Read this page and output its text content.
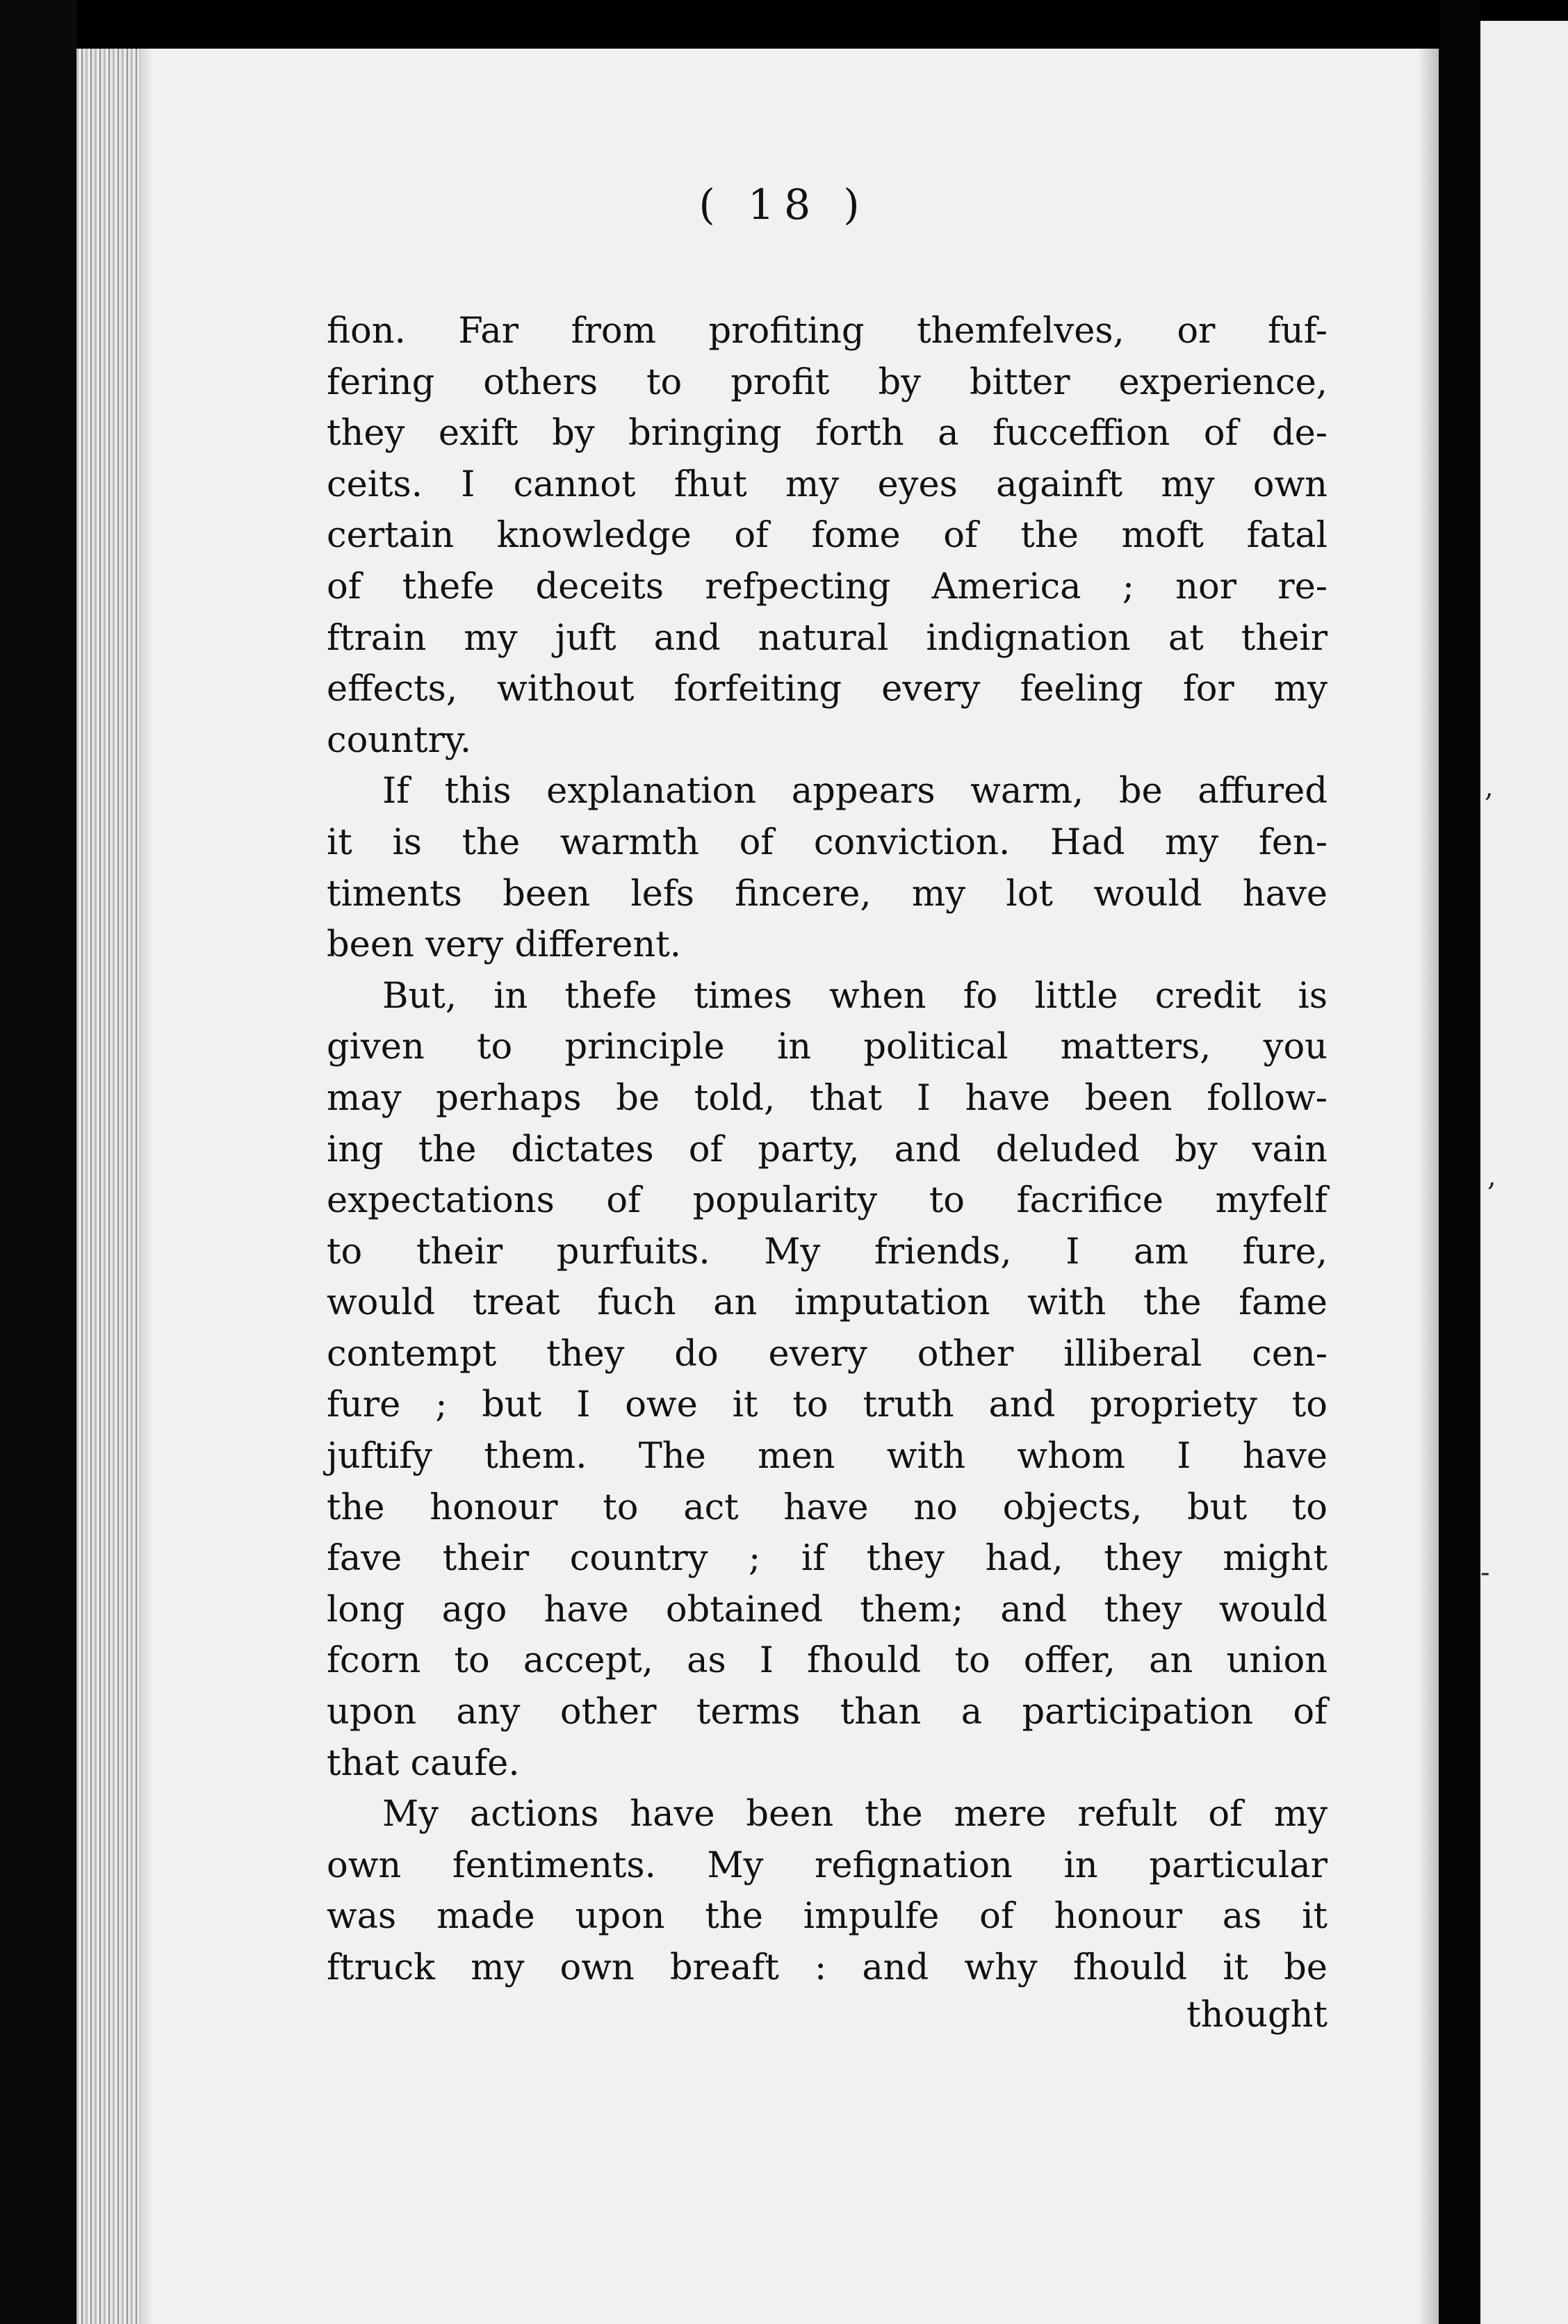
,
,
-
( 18 )
fion. Far from profiting themfelves, or fuf-
fering others to profit by bitter experience,
they exift by bringing forth a fucceffion of de-
ceits. I cannot fhut my eyes againft my own
certain knowledge of fome of the moft fatal
of thefe deceits refpecting America ; nor re-
ftrain my juft and natural indignation at their
effects, without forfeiting every feeling for my
country.
If this explanation appears warm, be affured
it is the warmth of conviction. Had my fen-
timents been lefs fincere, my lot would have
been very different.
But, in thefe times when fo little credit is
given to principle in political matters, you
may perhaps be told, that I have been follow-
ing the dictates of party, and deluded by vain
expectations of popularity to facrifice myfelf
to their purfuits. My friends, I am fure,
would treat fuch an imputation with the fame
contempt they do every other illiberal cen-
fure ; but I owe it to truth and propriety to
juftify them. The men with whom I have
the honour to act have no objects, but to
fave their country ; if they had, they might
long ago have obtained them; and they would
fcorn to accept, as I fhould to offer, an union
upon any other terms than a participation of
that caufe.
My actions have been the mere refult of my
own fentiments. My refignation in particular
was made upon the impulfe of honour as it
ftruck my own breaft : and why fhould it be
thought
